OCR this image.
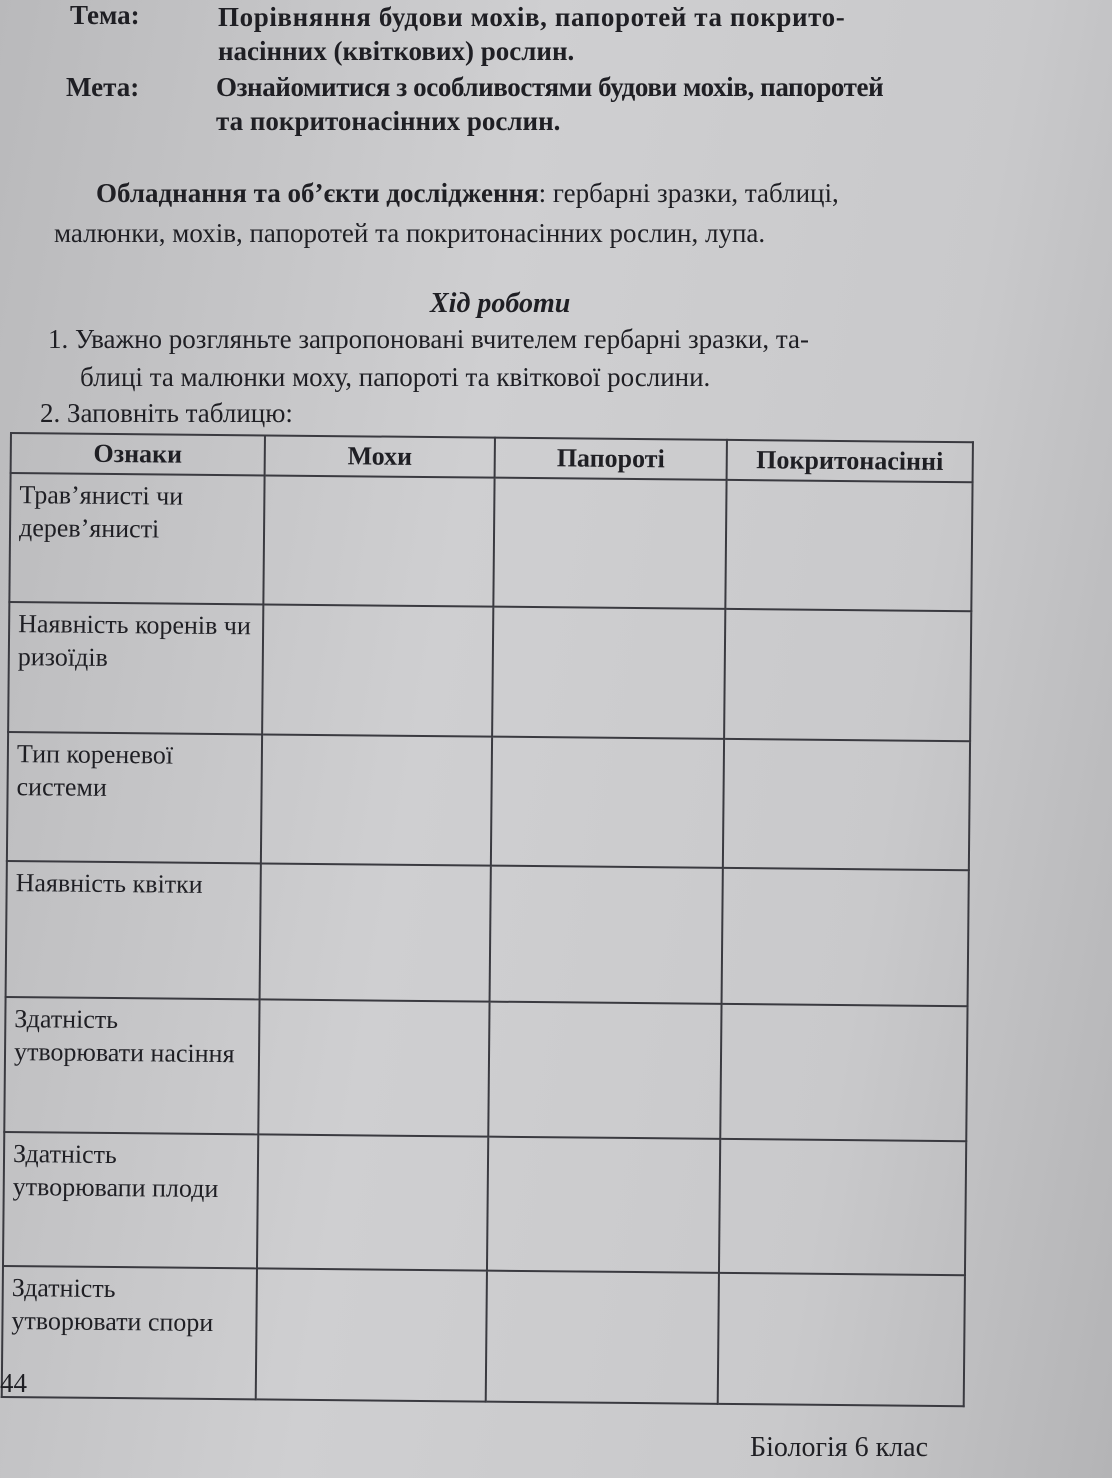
Тема:	Порівняння будови мохів, папоротей та покрито-
насінних (квіткових) рослин.
Мета:	Ознайомитися з особливостями будови мохів, папоротей
та покритонасінних рослин.
Обладнання та об’єкти дослідження: гербарні зразки, таблиці,
малюнки, мохів, папоротей та покритонасінних рослин, лупа.
Хід роботи
1. Уважно розгляньте запропоновані вчителем гербарні зразки, та-
блиці та малюнки моху, папороті та квіткової рослини.
2. Заповніть таблицю:
Ознаки	Мохи	Папороті	Покритонасінні
Трав’янисті чи дерев’янисті			
Наявність коренів чи ризоїдів			
Тип кореневої системи			
Наявність квітки			
Здатність утворювати насіння			
Здатність утворювапи плоди			
Здатність утворювати спори			
44
Біологія 6 клас
